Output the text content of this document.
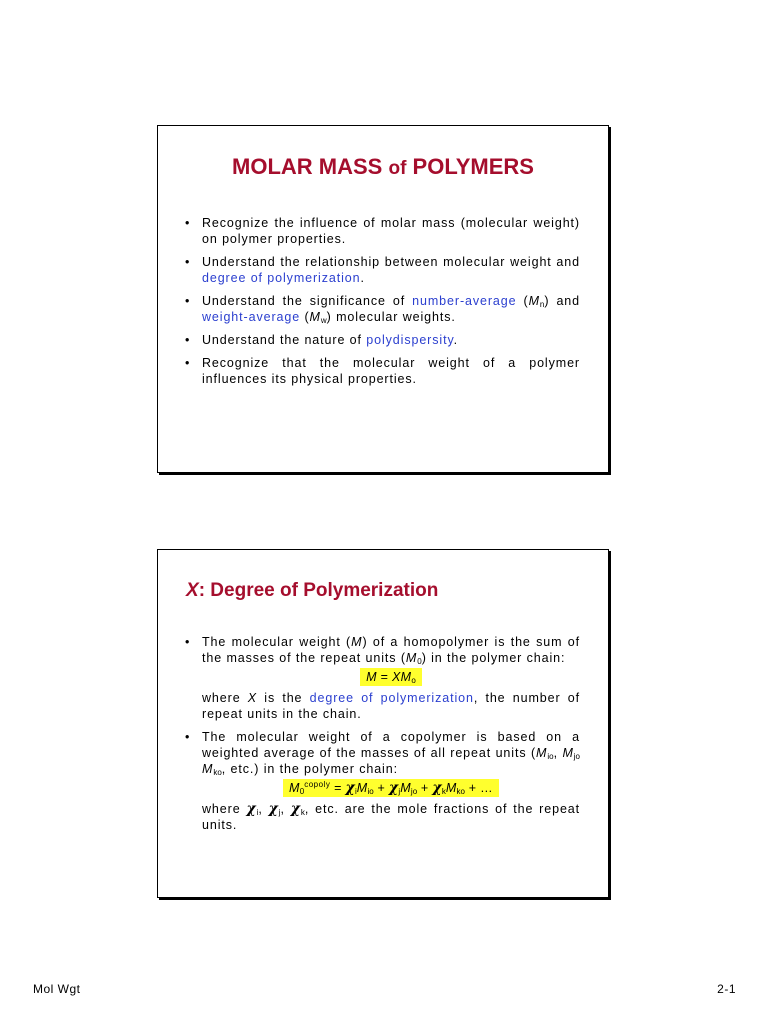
MOLAR MASS of POLYMERS
• Recognize the influence of molar mass (molecular weight) on polymer properties.
• Understand the relationship between molecular weight and degree of polymerization.
• Understand the significance of number-average $(M_n)$ and weight-average $(M_w)$ molecular weights.
• Understand the nature of polydispersity.
• Recognize that the molecular weight of a polymer influences its physical properties.
X: Degree of Polymerization
• The molecular weight (M) of a homopolymer is the sum of the masses of the repeat units $(M_0)$ in the polymer chain:
$M = XM_o$
where X is the degree of polymerization, the number of repeat units in the chain.
• The molecular weight of a copolymer is based on a weighted average of the masses of all repeat units ($M_{io}$, $M_{jo}$ $M_{ko}$, etc.) in the polymer chain:
$M_0^{copoly} = \chi_iM_{io} + \chi_jM_{jo} + \chi_kM_{ko}$ + …
where $\chi_i$, $\chi_j$, $\chi_k$, etc. are the mole fractions of the repeat units.
Mol Wgt	2-1
